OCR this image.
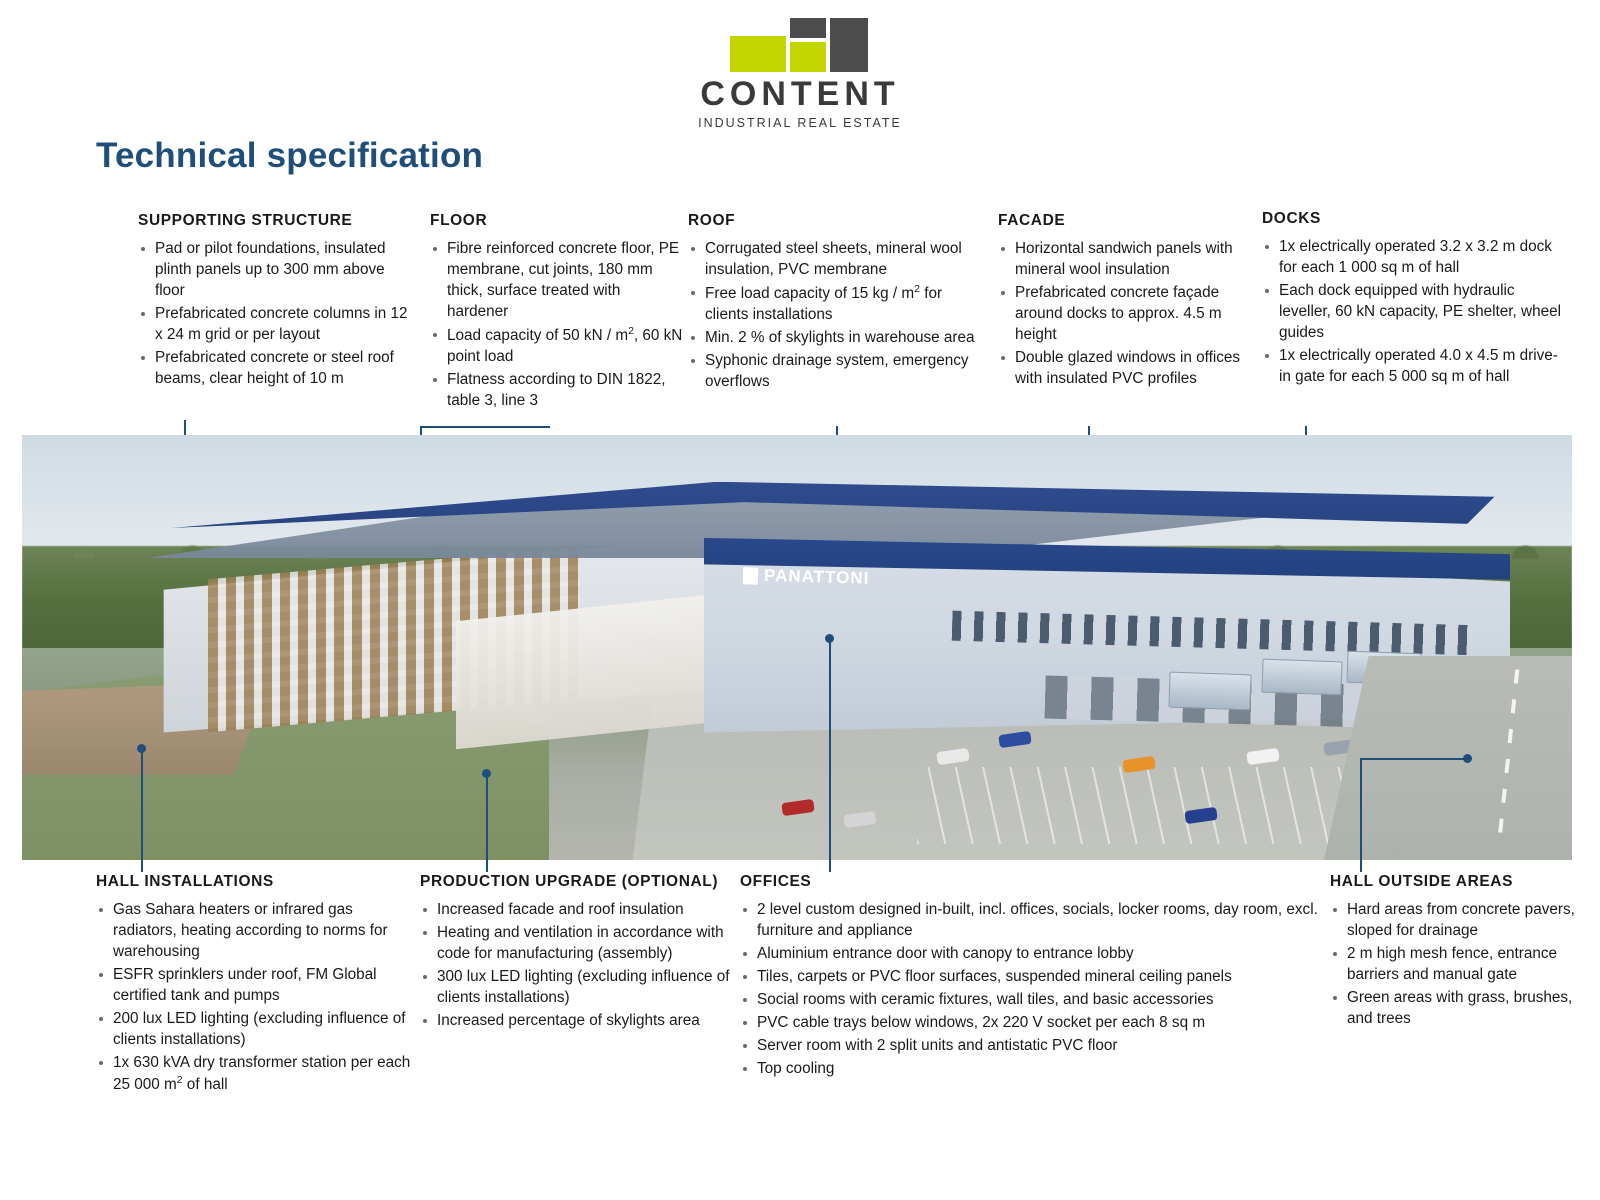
CONTENT
INDUSTRIAL REAL ESTATE
Technical specification
SUPPORTING STRUCTURE
Pad or pilot foundations, insulated plinth panels up to 300 mm above floor
Prefabricated concrete columns in 12 x 24 m grid or per layout
Prefabricated concrete or steel roof beams, clear height of 10 m
FLOOR
Fibre reinforced concrete floor, PE membrane, cut joints, 180 mm thick, surface treated with hardener
Load capacity of 50 kN / $m^2$, 60 kN point load
Flatness according to DIN 1822, table 3, line 3
ROOF
Corrugated steel sheets, mineral wool insulation, PVC membrane
Free load capacity of 15 kg / $m^2$ for clients installations
Min. 2 % of skylights in warehouse area
Syphonic drainage system, emergency overflows
FACADE
Horizontal sandwich panels with mineral wool insulation
Prefabricated concrete façade around docks to approx. 4.5 m height
Double glazed windows in offices with insulated PVC profiles
DOCKS
1x electrically operated 3.2 x 3.2 m dock for each 1 000 sq m of hall
Each dock equipped with hydraulic leveller, 60 kN capacity, PE shelter, wheel guides
1x electrically operated 4.0 x 4.5 m drive-in gate for each 5 000 sq m of hall
PANATTONI
HALL INSTALLATIONS
Gas Sahara heaters or infrared gas radiators, heating according to norms for warehousing
ESFR sprinklers under roof, FM Global certified tank and pumps
200 lux LED lighting (excluding influence of clients installations)
1x 630 kVA dry transformer station per each 25 000 $m^2$ of hall
PRODUCTION UPGRADE (OPTIONAL)
Increased facade and roof insulation
Heating and ventilation in accordance with code for manufacturing (assembly)
300 lux LED lighting (excluding influence of clients installations)
Increased percentage of skylights area
OFFICES
2 level custom designed in-built, incl. offices, socials, locker rooms, day room, excl. furniture and appliance
Aluminium entrance door with canopy to entrance lobby
Tiles, carpets or PVC floor surfaces, suspended mineral ceiling panels
Social rooms with ceramic fixtures, wall tiles, and basic accessories
PVC cable trays below windows, 2x 220 V socket per each 8 sq m
Server room with 2 split units and antistatic PVC floor
Top cooling
HALL OUTSIDE AREAS
Hard areas from concrete pavers, sloped for drainage
2 m high mesh fence, entrance barriers and manual gate
Green areas with grass, brushes, and trees
